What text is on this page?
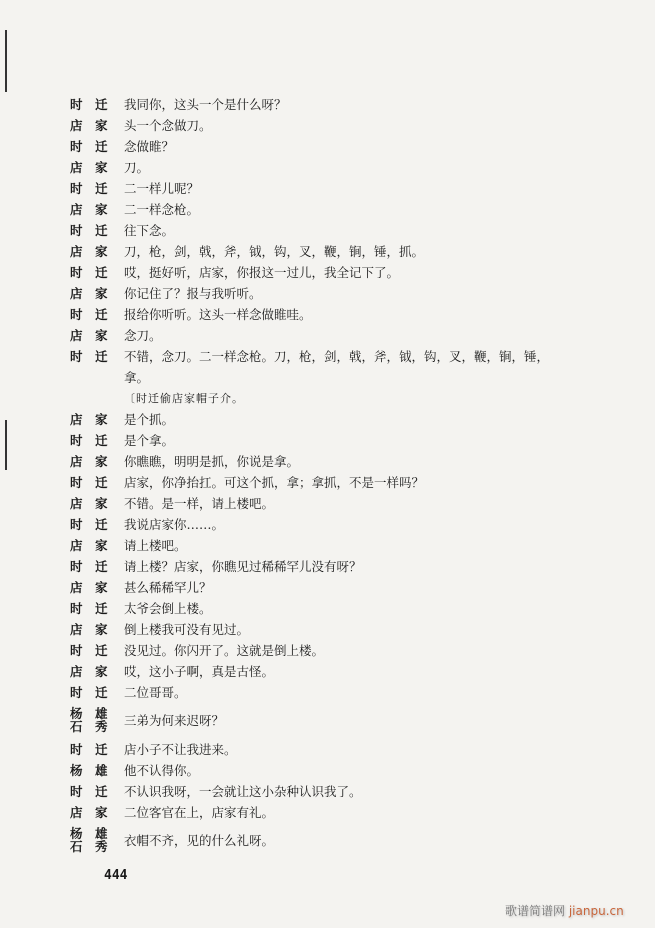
时 迁	我同你，这头一个是什么呀？
店 家	头一个念做刀。
时 迁	念做睢？
店 家	刀。
时 迁	二一样儿呢？
店 家	二一样念枪。
时 迁	往下念。
店 家	刀，枪，剑，戟，斧，钺，钩，叉，鞭，锏，锤，抓。
时 迁	哎，挺好听，店家，你报这一过儿，我全记下了。
店 家	你记住了？报与我听听。
时 迁	报给你听听。这头一样念做睢哇。
店 家	念刀。
时 迁	不错，念刀。二一样念枪。刀，枪，剑，戟，斧，钺，钩，叉，鞭，锏，锤，
拿。
〔时迁偷店家帽子介。
店 家	是个抓。
时 迁	是个拿。
店 家	你瞧瞧，明明是抓，你说是拿。
时 迁	店家，你净抬扛。可这个抓，拿；拿抓，不是一样吗？
店 家	不错。是一样，请上楼吧。
时 迁	我说店家你……。
店 家	请上楼吧。
时 迁	请上楼？店家，你瞧见过稀稀罕儿没有呀？
店 家	甚么稀稀罕儿？
时 迁	太爷会倒上楼。
店 家	倒上楼我可没有见过。
时 迁	没见过。你闪开了。这就是倒上楼。
店 家	哎，这小子啊，真是古怪。
时 迁	二位哥哥。
杨 雄
石 秀	三弟为何来迟呀？
时 迁	店小子不让我进来。
杨 雄	他不认得你。
时 迁	不认识我呀，一会就让这小杂种认识我了。
店 家	二位客官在上，店家有礼。
杨 雄
石 秀	衣帽不齐，见的什么礼呀。
444
歌谱简谱网 jianpu.cn
